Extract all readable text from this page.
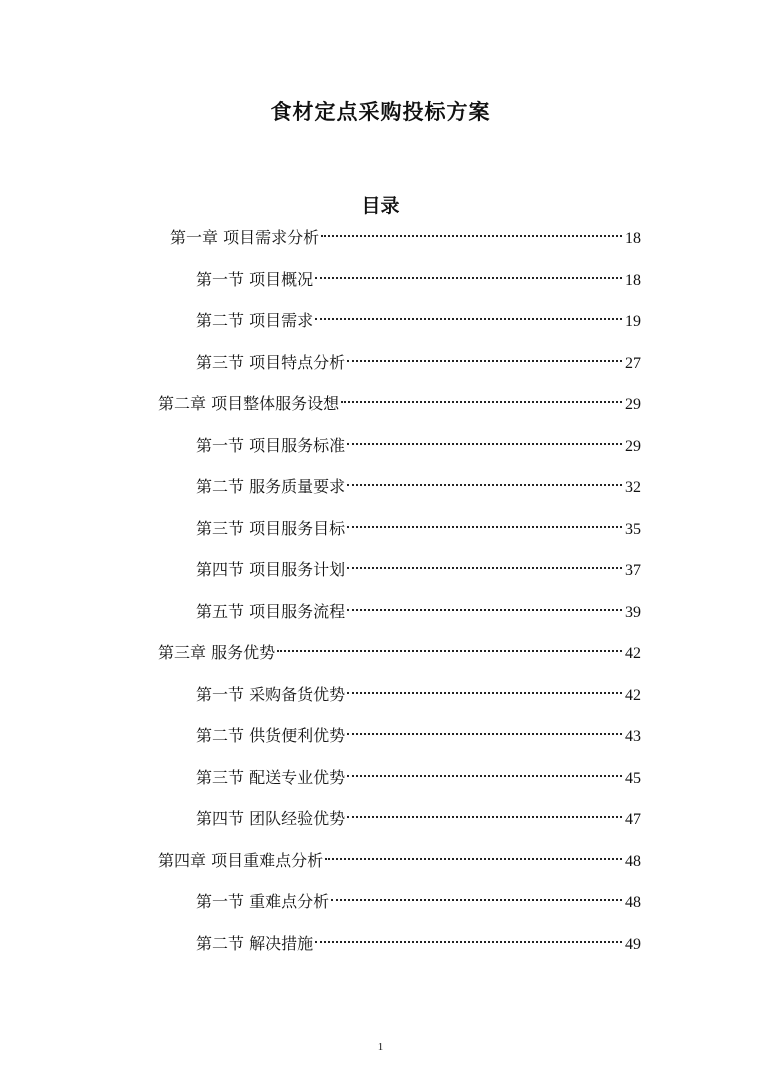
食材定点采购投标方案
目录
第一章 项目需求分析	18
第一节 项目概况	18
第二节 项目需求	19
第三节 项目特点分析	27
第二章 项目整体服务设想	29
第一节 项目服务标准	29
第二节 服务质量要求	32
第三节 项目服务目标	35
第四节 项目服务计划	37
第五节 项目服务流程	39
第三章 服务优势	42
第一节 采购备货优势	42
第二节 供货便利优势	43
第三节 配送专业优势	45
第四节 团队经验优势	47
第四章 项目重难点分析	48
第一节 重难点分析	48
第二节 解决措施	49
1
